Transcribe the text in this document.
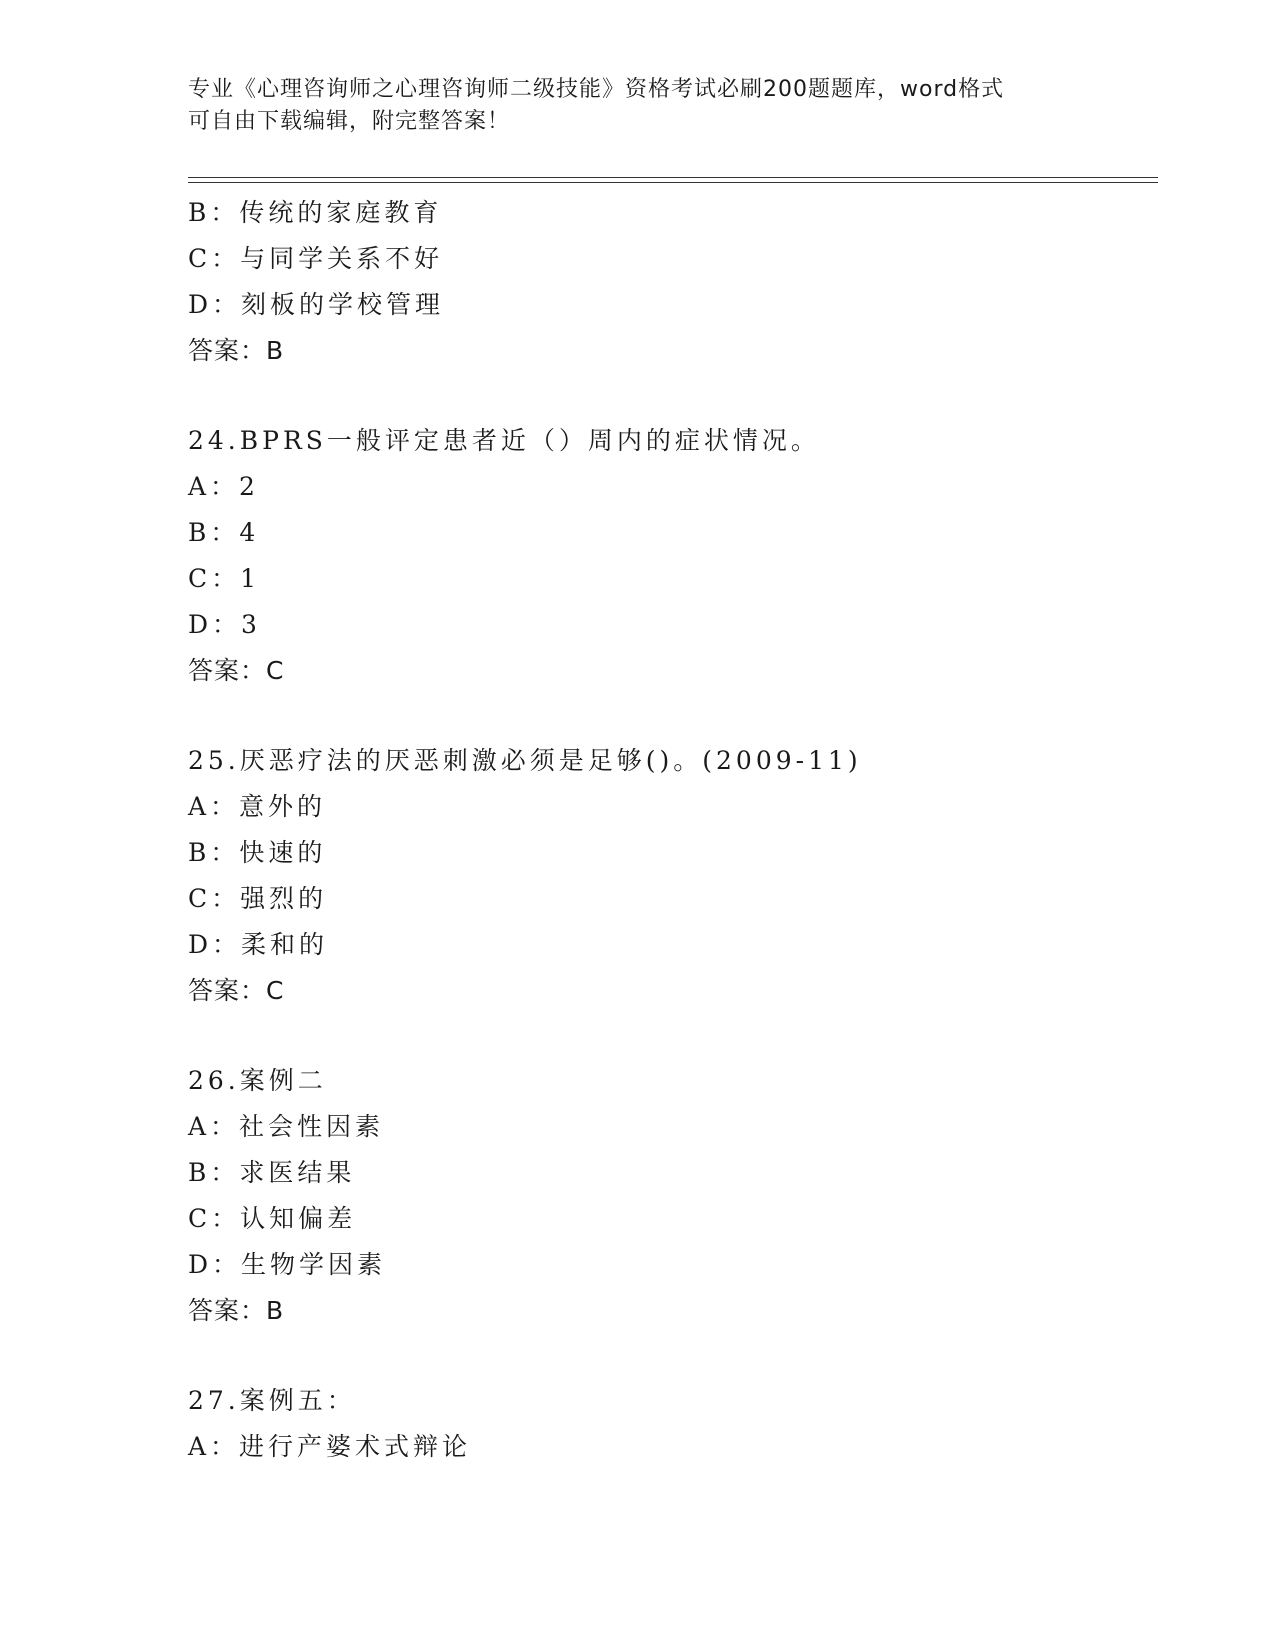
专业《心理咨询师之心理咨询师二级技能》资格考试必刷200题题库，word格式
可自由下载编辑，附完整答案！
B：传统的家庭教育
C：与同学关系不好
D：刻板的学校管理
答案：B
24.BPRS一般评定患者近（）周内的症状情况。
A：2
B：4
C：1
D：3
答案：C
25.厌恶疗法的厌恶刺激必须是足够()。(2009-11)
A：意外的
B：快速的
C：强烈的
D：柔和的
答案：C
26.案例二
A：社会性因素
B：求医结果
C：认知偏差
D：生物学因素
答案：B
27.案例五：
A：进行产婆术式辩论
